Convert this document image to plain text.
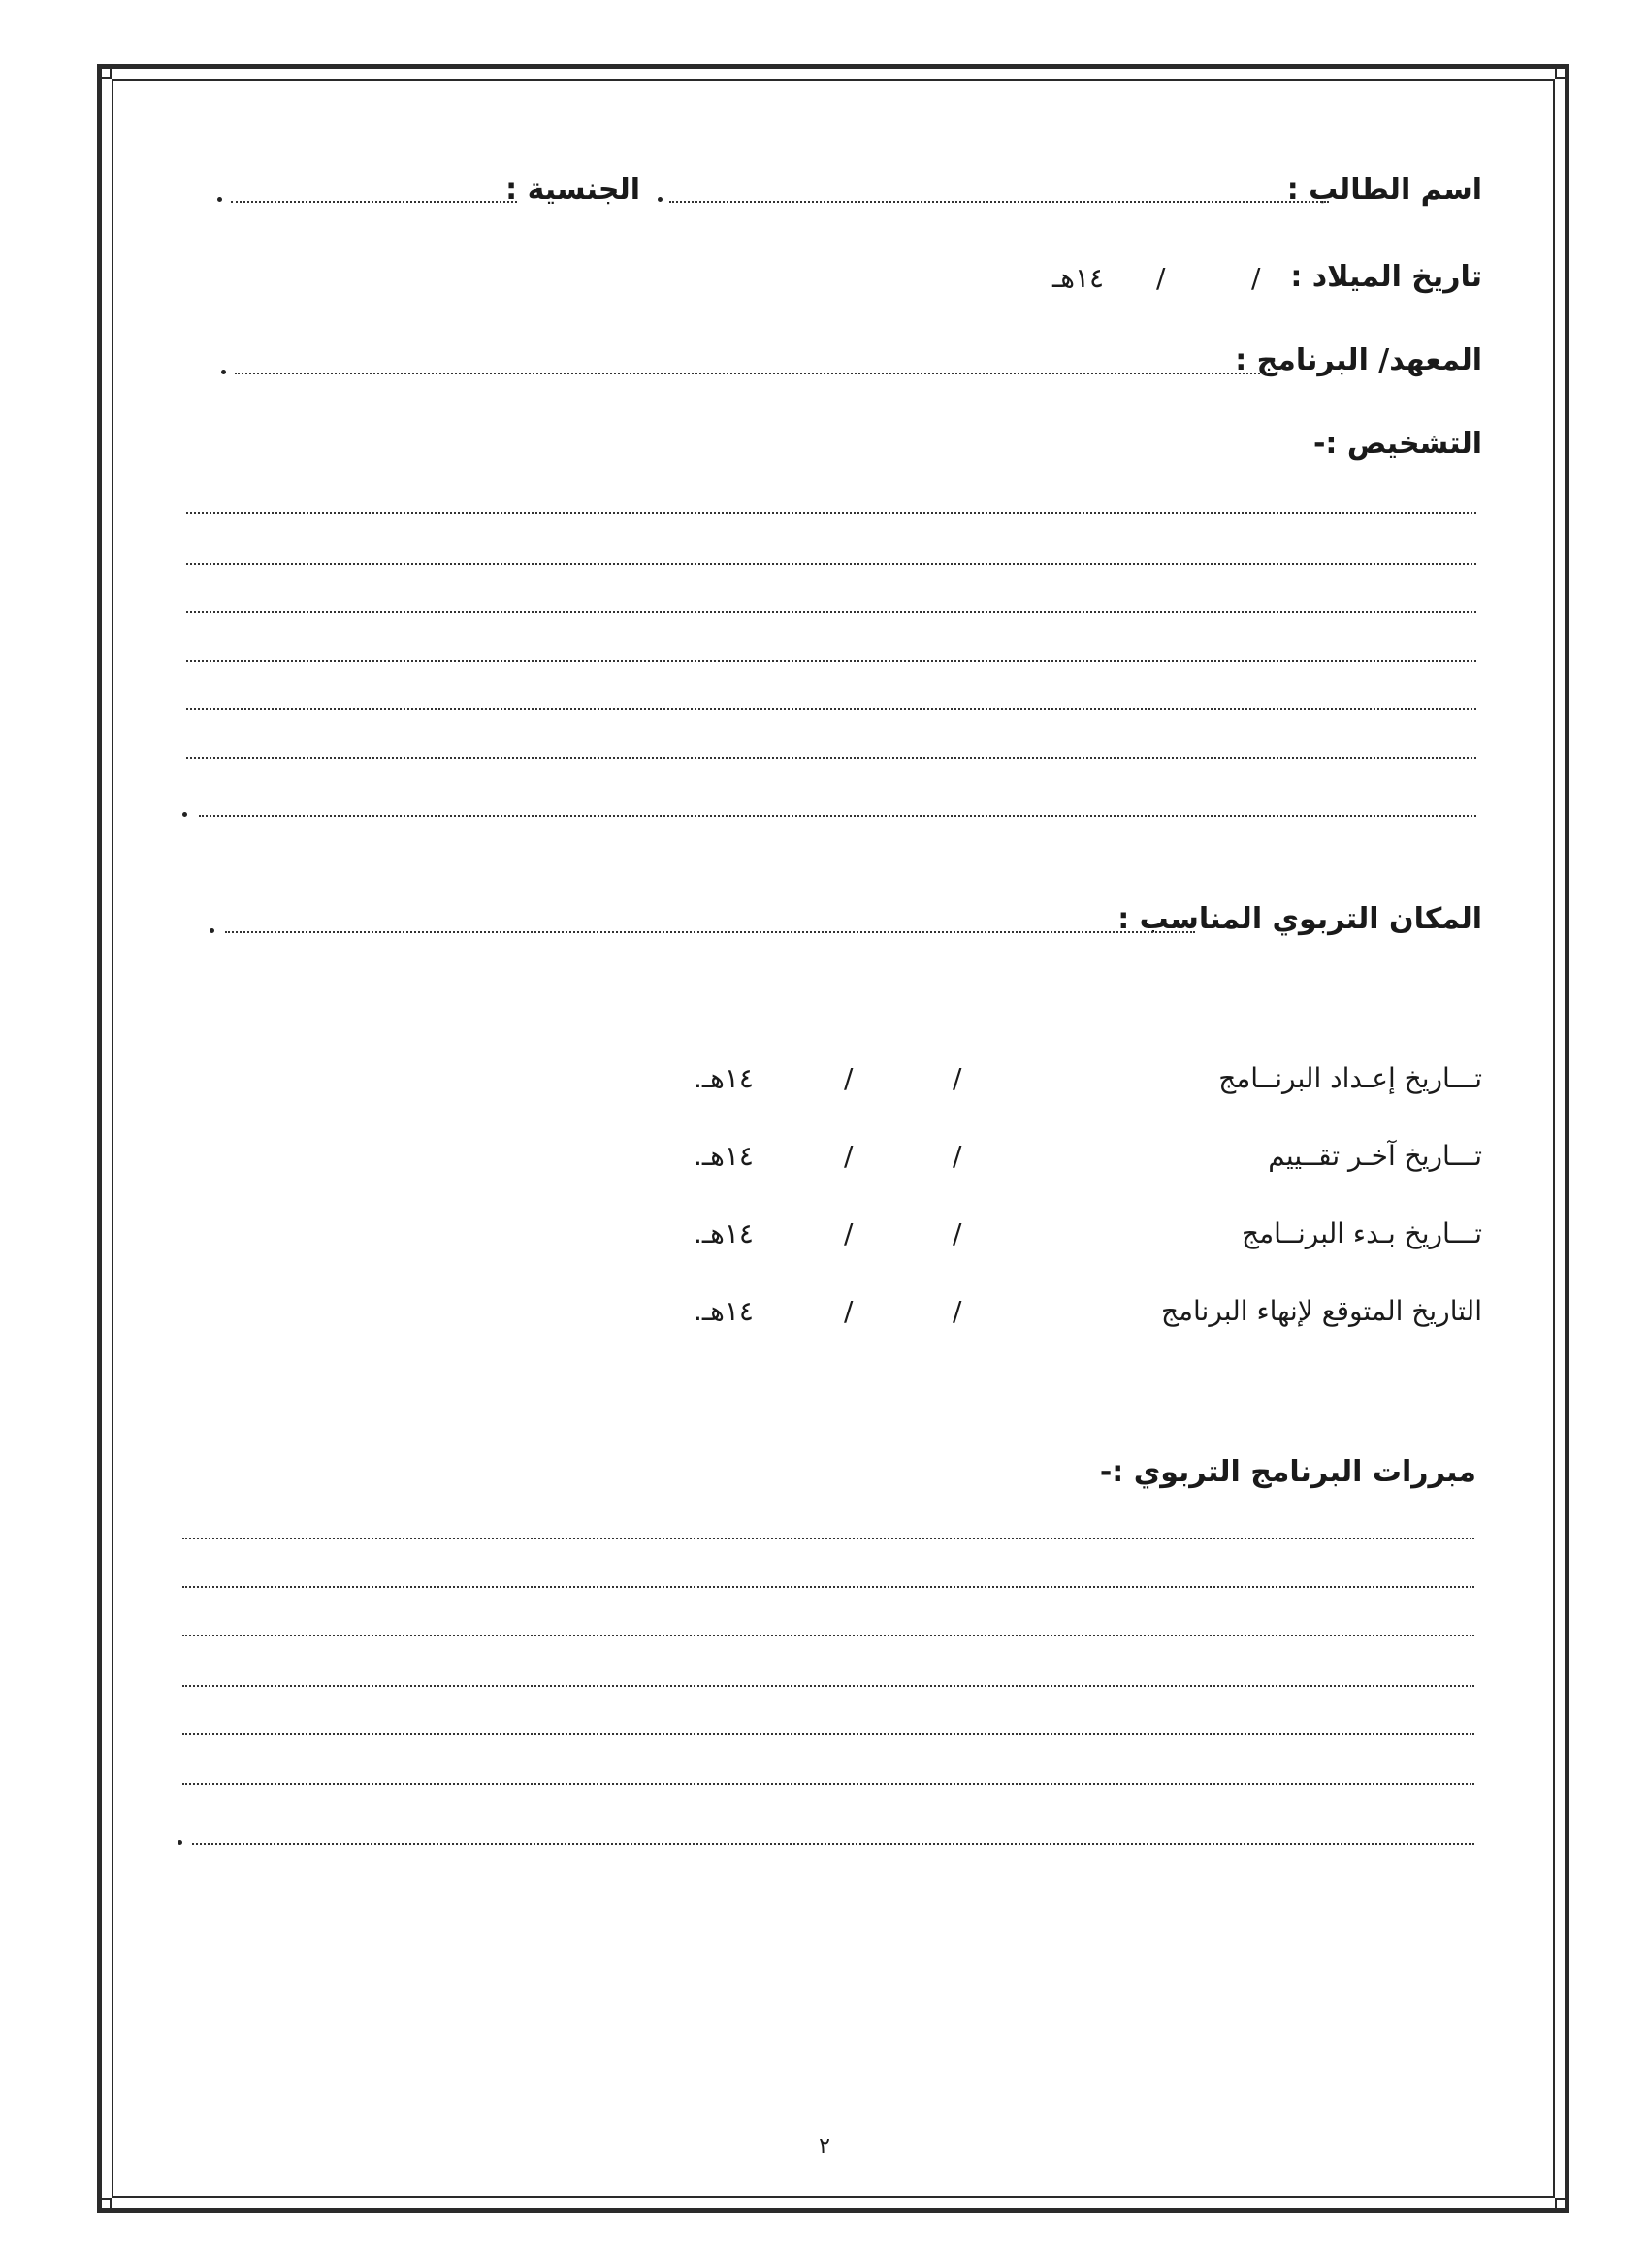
اسم الطالب :
الجنسية :
تاريخ الميلاد :
/
/
١٤هـ
المعهد/ البرنامج :
التشخيص :-
المكان التربوي المناسب :
تـــاريخ إعـداد البرنــامج
/
/
١٤هـ.
تـــاريخ آخـر تقــييم
/
/
١٤هـ.
تـــاريخ بـدء البرنــامج
/
/
١٤هـ.
التاريخ المتوقع لإنهاء البرنامج
/
/
١٤هـ.
مبررات البرنامج التربوي :-
٢
